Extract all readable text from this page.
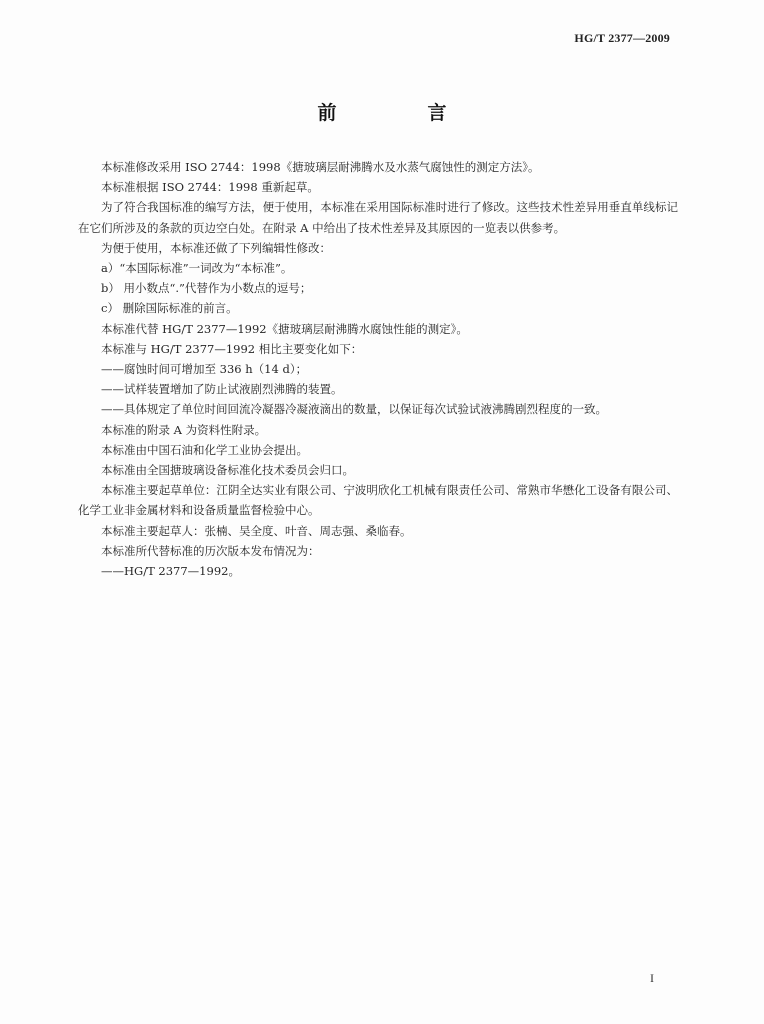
HG/T 2377—2009
前　言

本标准修改采用 ISO 2744：1998《搪玻璃层耐沸腾水及水蒸气腐蚀性的测定方法》。

本标准根据 ISO 2744：1998 重新起草。

为了符合我国标准的编写方法，便于使用，本标准在采用国际标准时进行了修改。这些技术性差异用垂直单线标记在它们所涉及的条款的页边空白处。在附录 A 中给出了技术性差异及其原因的一览表以供参考。

为便于使用，本标准还做了下列编辑性修改：

a）“本国际标准”一词改为“本标准”。

b） 用小数点“.”代替作为小数点的逗号；

c） 删除国际标准的前言。

本标准代替 HG/T 2377—1992《搪玻璃层耐沸腾水腐蚀性能的测定》。

本标准与 HG/T 2377—1992 相比主要变化如下：

——腐蚀时间可增加至 336 h（14 d）；

——试样装置增加了防止试液剧烈沸腾的装置。

——具体规定了单位时间回流冷凝器冷凝液滴出的数量，以保证每次试验试液沸腾剧烈程度的一致。

本标准的附录 A 为资料性附录。

本标准由中国石油和化学工业协会提出。

本标准由全国搪玻璃设备标准化技术委员会归口。

本标准主要起草单位：江阴全达实业有限公司、宁波明欣化工机械有限责任公司、常熟市华懋化工设备有限公司、化学工业非金属材料和设备质量监督检验中心。

本标准主要起草人：张楠、吴全度、叶音、周志强、桑临春。

本标准所代替标准的历次版本发布情况为：

——HG/T 2377—1992。

I
